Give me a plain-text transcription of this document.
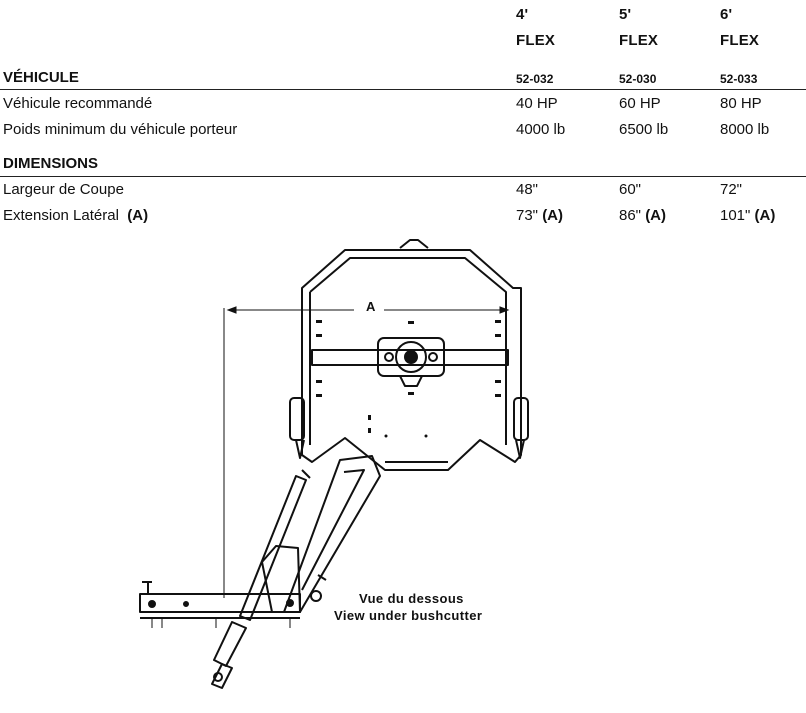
4'	5'	6'
FLEX	FLEX	FLEX
VÉHICULE	52-032	52-030	52-033
Véhicule recommandé	40 HP	60 HP	80 HP
Poids minimum du véhicule porteur	4000 lb	6500 lb	8000 lb
DIMENSIONS
Largeur de Coupe	48"	60"	72"
Extension Latéral (A)	73" (A)	86" (A)	101" (A)
A
Vue du dessous
View under bushcutter
